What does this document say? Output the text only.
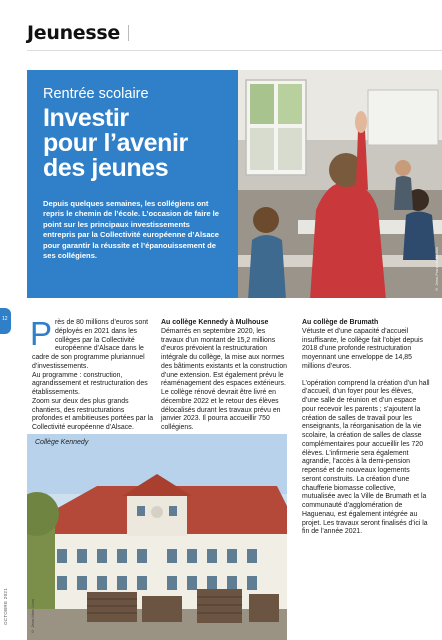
Jeunesse
Rentrée scolaire
Investir
pour l’avenir
des jeunes
Depuis quelques semaines, les collégiens ont repris le chemin de l’école. L’occasion de faire le point sur les principaux investissements entrepris par la Collectivité européenne d’Alsace pour garantir la réussite et l’épanouissement de ses collégiens.	© Jean-François Badias
12
OCTOBRE 2021

P rès de 80 millions d’euros sont déployés en 2021 dans les collèges par la Collectivité européenne d’Alsace dans le cadre de son programme pluriannuel d’investissements.

Au programme : construction, agrandissement et restructuration des établissements.

Zoom sur deux des plus grands chantiers, des restructurations profondes et ambitieuses portées par la Collectivité européenne d’Alsace.

Au collège Kennedy à Mulhouse

Démarrés en septembre 2020, les travaux d’un montant de 15,2 millions d’euros prévoient la restructuration intégrale du collège, la mise aux normes des bâtiments existants et la construction d’une extension. Est également prévu le réaménagement des espaces extérieurs. Le collège rénové devrait être livré en décembre 2022 et le retour des élèves délocalisés durant les travaux prévu en janvier 2023. Il pourra accueillir 750 collégiens.

Au collège de Brumath

Vétuste et d’une capacité d’accueil insuffisante, le collège fait l’objet depuis 2018 d’une profonde restructuration moyennant une enveloppe de 14,85 millions d’euros.

L’opération comprend la création d’un hall d’accueil, d’un foyer pour les élèves, d’une salle de réunion et d’un espace pour recevoir les parents ; s’ajoutent la création de salles de travail pour les enseignants, la réorganisation de la vie scolaire, la création de salles de classe complémentaires pour accueillir les 720 élèves. L’infirmerie sera également agrandie, l’accès à la demi-pension repensé et de nouveaux logements seront construits. La création d’une chaufferie biomasse collective, mutualisée avec la Ville de Brumath et la communauté d’agglomération de Haguenau, est également intégrée au projet. Les travaux seront finalisés d’ici la fin de l’année 2021.

Collège Kennedy
© Jean-Marc Loos
